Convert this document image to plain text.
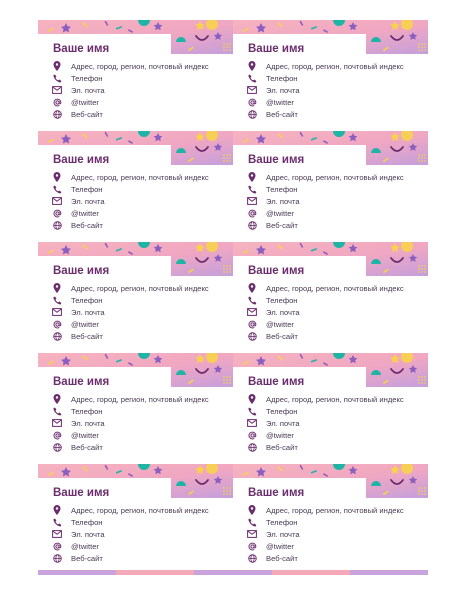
Ваше имя
Адрес, город, регион, почтовый индекс
Телефон
Эл. почта
@twitter
Веб-сайт
Ваше имя
Адрес, город, регион, почтовый индекс
Телефон
Эл. почта
@twitter
Веб-сайт
Ваше имя
Адрес, город, регион, почтовый индекс
Телефон
Эл. почта
@twitter
Веб-сайт
Ваше имя
Адрес, город, регион, почтовый индекс
Телефон
Эл. почта
@twitter
Веб-сайт
Ваше имя
Адрес, город, регион, почтовый индекс
Телефон
Эл. почта
@twitter
Веб-сайт
Ваше имя
Адрес, город, регион, почтовый индекс
Телефон
Эл. почта
@twitter
Веб-сайт
Ваше имя
Адрес, город, регион, почтовый индекс
Телефон
Эл. почта
@twitter
Веб-сайт
Ваше имя
Адрес, город, регион, почтовый индекс
Телефон
Эл. почта
@twitter
Веб-сайт
Ваше имя
Адрес, город, регион, почтовый индекс
Телефон
Эл. почта
@twitter
Веб-сайт
Ваше имя
Адрес, город, регион, почтовый индекс
Телефон
Эл. почта
@twitter
Веб-сайт
